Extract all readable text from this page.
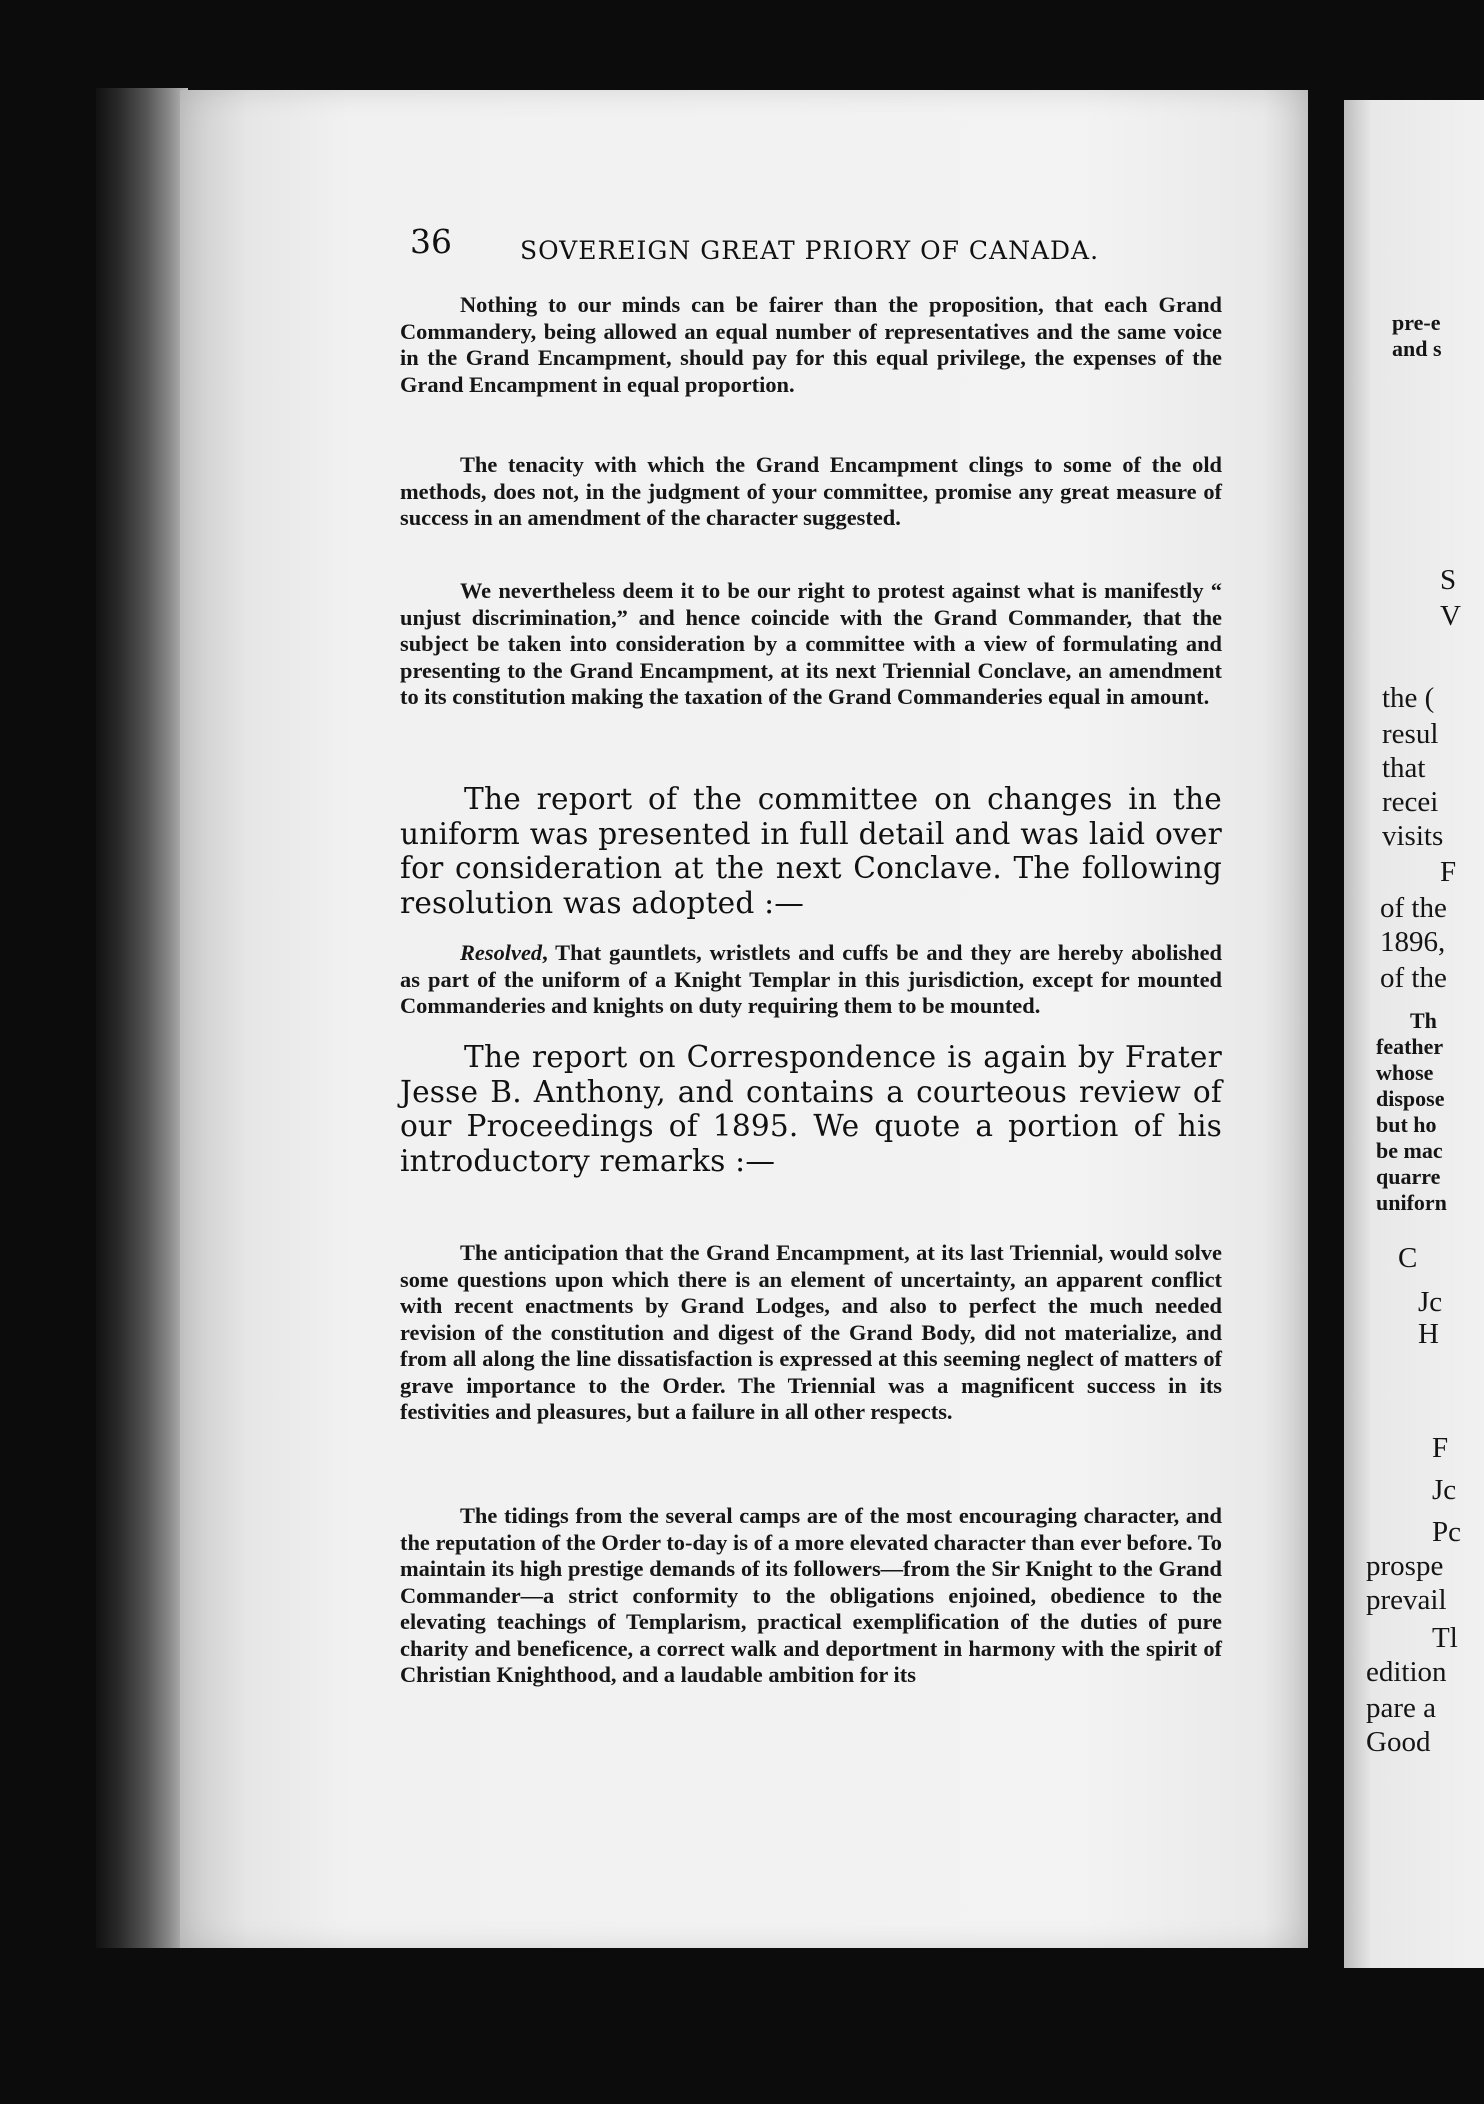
36	SOVEREIGN GREAT PRIORY OF CANADA.

Nothing to our minds can be fairer than the proposition, that each Grand Commandery, being allowed an equal number of representatives and the same voice in the Grand Encampment, should pay for this equal privilege, the expenses of the Grand Encampment in equal proportion.

The tenacity with which the Grand Encampment clings to some of the old methods, does not, in the judgment of your committee, promise any great measure of success in an amendment of the character suggested.

We nevertheless deem it to be our right to protest against what is manifestly “ unjust discrimination,” and hence coincide with the Grand Commander, that the subject be taken into consideration by a committee with a view of formulating and presenting to the Grand Encampment, at its next Triennial Conclave, an amendment to its constitution making the taxation of the Grand Commanderies equal in amount.

The report of the committee on changes in the uniform was presented in full detail and was laid over for consideration at the next Conclave. The following resolution was adopted :—

Resolved, That gauntlets, wristlets and cuffs be and they are hereby abolished as part of the uniform of a Knight Templar in this jurisdiction, except for mounted Commanderies and knights on duty requiring them to be mounted.

The report on Correspondence is again by Frater Jesse B. Anthony, and contains a courteous review of our Proceedings of 1895. We quote a portion of his introductory remarks :—

The anticipation that the Grand Encampment, at its last Triennial, would solve some questions upon which there is an element of uncertainty, an apparent conflict with recent enactments by Grand Lodges, and also to perfect the much needed revision of the constitution and digest of the Grand Body, did not materialize, and from all along the line dissatisfaction is expressed at this seeming neglect of matters of grave importance to the Order. The Triennial was a magnificent success in its festivities and pleasures, but a failure in all other respects.

The tidings from the several camps are of the most encouraging character, and the reputation of the Order to-day is of a more elevated character than ever before. To maintain its high prestige demands of its followers—from the Sir Knight to the Grand Commander—a strict conformity to the obligations enjoined, obedience to the elevating teachings of Templarism, practical exemplification of the duties of pure charity and beneficence, a correct walk and deportment in harmony with the spirit of Christian Knighthood, and a laudable ambition for its

pre-e
and s
S
V
the (
resul
that
recei
visits
F
of the
1896,
of the
Th
feather
whose
dispose
but ho
be mac
quarre
uniforn
C
Jc
H
F
Jc
Pc
prospe
prevail
Tl
edition
pare a
Good
